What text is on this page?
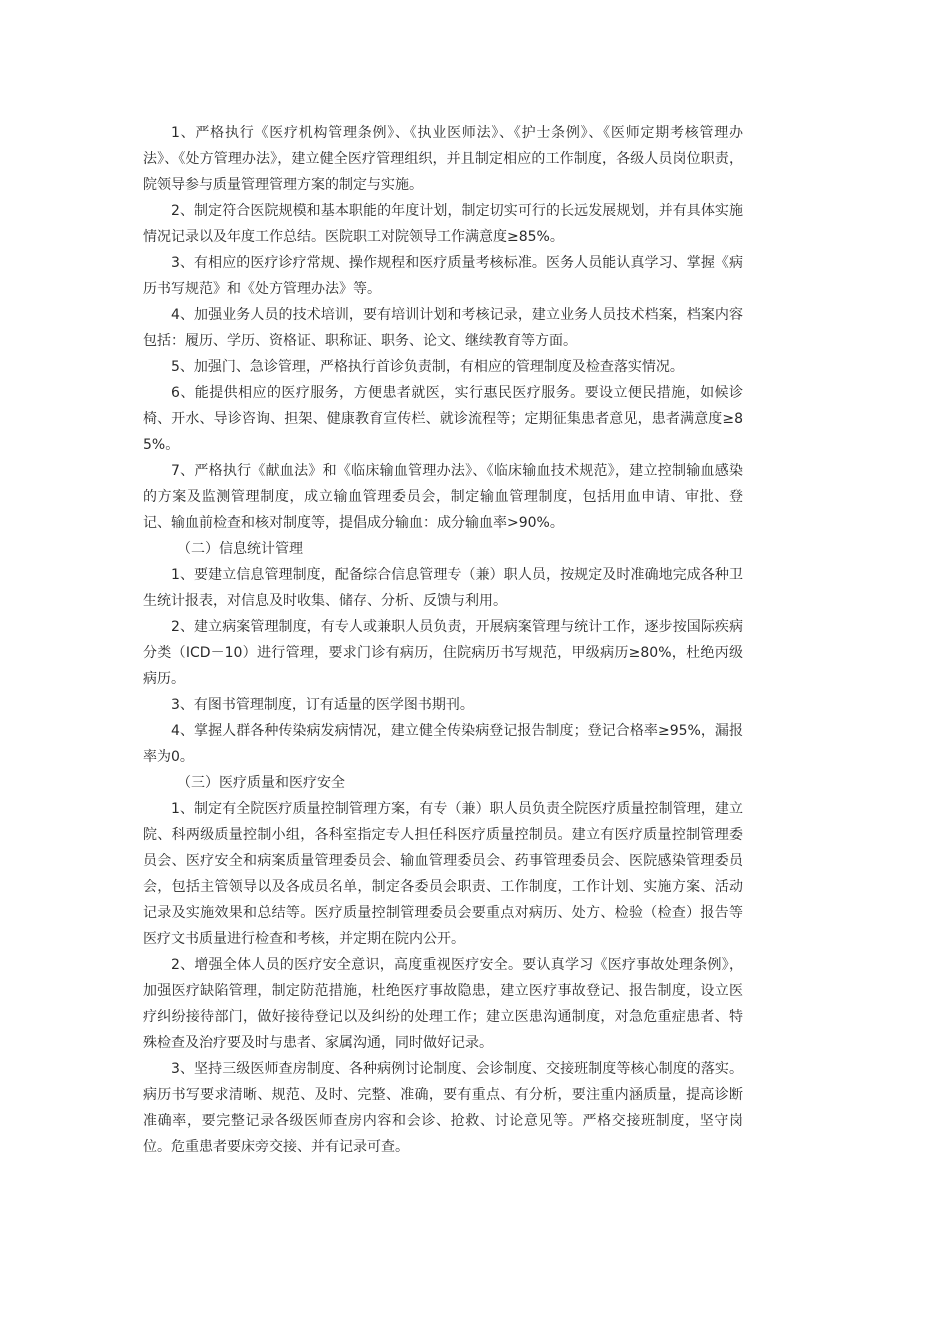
1、严格执行《医疗机构管理条例》、《执业医师法》、《护士条例》、《医师定期考核管理办法》、《处方管理办法》，建立健全医疗管理组织，并且制定相应的工作制度，各级人员岗位职责，院领导参与质量管理管理方案的制定与实施。

2、制定符合医院规模和基本职能的年度计划，制定切实可行的长远发展规划，并有具体实施情况记录以及年度工作总结。医院职工对院领导工作满意度≥85%。

3、有相应的医疗诊疗常规、操作规程和医疗质量考核标准。医务人员能认真学习、掌握《病历书写规范》和《处方管理办法》等。

4、加强业务人员的技术培训，要有培训计划和考核记录，建立业务人员技术档案，档案内容包括：履历、学历、资格证、职称证、职务、论文、继续教育等方面。

5、加强门、急诊管理，严格执行首诊负责制，有相应的管理制度及检查落实情况。

6、能提供相应的医疗服务，方便患者就医，实行惠民医疗服务。要设立便民措施，如候诊椅、开水、导诊咨询、担架、健康教育宣传栏、就诊流程等；定期征集患者意见，患者满意度≥85%。

7、严格执行《献血法》和《临床输血管理办法》、《临床输血技术规范》，建立控制输血感染的方案及监测管理制度，成立输血管理委员会，制定输血管理制度，包括用血申请、审批、登记、输血前检查和核对制度等，提倡成分输血：成分输血率>90%。

（二）信息统计管理

1、要建立信息管理制度，配备综合信息管理专（兼）职人员，按规定及时准确地完成各种卫生统计报表，对信息及时收集、储存、分析、反馈与利用。

2、建立病案管理制度，有专人或兼职人员负责，开展病案管理与统计工作，逐步按国际疾病分类（ICD－10）进行管理，要求门诊有病历，住院病历书写规范，甲级病历≥80%，杜绝丙级病历。

3、有图书管理制度，订有适量的医学图书期刊。

4、掌握人群各种传染病发病情况，建立健全传染病登记报告制度；登记合格率≥95%，漏报率为0。

（三）医疗质量和医疗安全

1、制定有全院医疗质量控制管理方案，有专（兼）职人员负责全院医疗质量控制管理，建立院、科两级质量控制小组，各科室指定专人担任科医疗质量控制员。建立有医疗质量控制管理委员会、医疗安全和病案质量管理委员会、输血管理委员会、药事管理委员会、医院感染管理委员会，包括主管领导以及各成员名单，制定各委员会职责、工作制度，工作计划、实施方案、活动记录及实施效果和总结等。医疗质量控制管理委员会要重点对病历、处方、检验（检查）报告等医疗文书质量进行检查和考核，并定期在院内公开。

2、增强全体人员的医疗安全意识，高度重视医疗安全。要认真学习《医疗事故处理条例》，加强医疗缺陷管理，制定防范措施，杜绝医疗事故隐患，建立医疗事故登记、报告制度，设立医疗纠纷接待部门，做好接待登记以及纠纷的处理工作；建立医患沟通制度，对急危重症患者、特殊检查及治疗要及时与患者、家属沟通，同时做好记录。

3、坚持三级医师查房制度、各种病例讨论制度、会诊制度、交接班制度等核心制度的落实。病历书写要求清晰、规范、及时、完整、准确，要有重点、有分析，要注重内涵质量，提高诊断准确率，要完整记录各级医师查房内容和会诊、抢救、讨论意见等。严格交接班制度，坚守岗位。危重患者要床旁交接、并有记录可查。
